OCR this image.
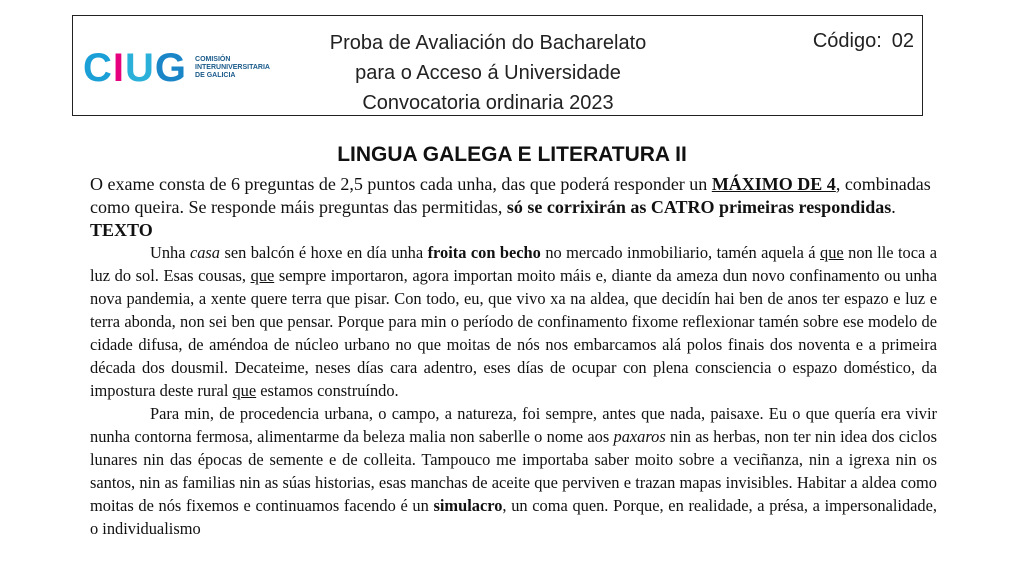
C I U G COMISIÓN
INTERUNIVERSITARIA
DE GALICIA
Proba de Avaliación do Bacharelato
para o Acceso á Universidade
Convocatoria ordinaria 2023
Código: 02
LINGUA GALEGA E LITERATURA II
O exame consta de 6 preguntas de 2,5 puntos cada unha, das que poderá responder un MÁXIMO DE 4, combinadas como queira. Se responde máis preguntas das permitidas, só se corrixirán as CATRO primeiras respondidas.
TEXTO

Unha casa sen balcón é hoxe en día unha froita con becho no mercado inmobiliario, tamén aquela á que non lle toca a luz do sol. Esas cousas, que sempre importaron, agora importan moito máis e, diante da ameza dun novo confinamento ou unha nova pandemia, a xente quere terra que pisar. Con todo, eu, que vivo xa na aldea, que decidín hai ben de anos ter espazo e luz e terra abonda, non sei ben que pensar. Porque para min o período de confinamento fixome reflexionar tamén sobre ese modelo de cidade difusa, de améndoa de núcleo urbano no que moitas de nós nos embarcamos alá polos finais dos noventa e a primeira década dos dousmil. Decateime, neses días cara adentro, eses días de ocupar con plena consciencia o espazo doméstico, da impostura deste rural que estamos construíndo.

Para min, de procedencia urbana, o campo, a natureza, foi sempre, antes que nada, paisaxe. Eu o que quería era vivir nunha contorna fermosa, alimentarme da beleza malia non saberlle o nome aos paxaros nin as herbas, non ter nin idea dos ciclos lunares nin das épocas de semente e de colleita. Tampouco me importaba saber moito sobre a veciñanza, nin a igrexa nin os santos, nin as familias nin as súas historias, esas manchas de aceite que perviven e trazan mapas invisibles. Habitar a aldea como moitas de nós fixemos e continuamos facendo é un simulacro, un coma quen. Porque, en realidade, a présa, a impersonalidade, o individualismo
